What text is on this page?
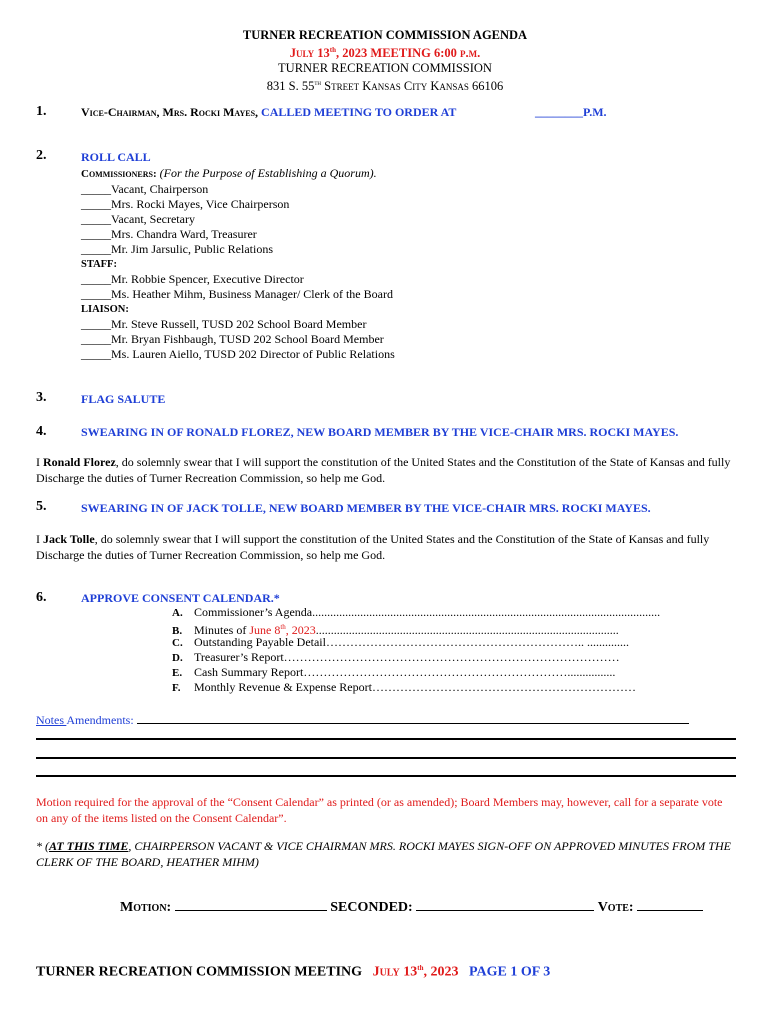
TURNER RECREATION COMMISSION AGENDA
July 13th, 2023 MEETING 6:00 p.m.
TURNER RECREATION COMMISSION
831 S. 55th Street Kansas City Kansas 66106
1.	Vice-Chairman, Mrs. Rocki Mayes, CALLED MEETING TO ORDER AT	________P.M.
2.	ROLL CALL
Commissioners: (For the Purpose of Establishing a Quorum).
_____Vacant, Chairperson
_____Mrs. Rocki Mayes, Vice Chairperson
_____Vacant, Secretary
_____Mrs. Chandra Ward, Treasurer
_____Mr. Jim Jarsulic, Public Relations
STAFF:
_____Mr. Robbie Spencer, Executive Director
_____Ms. Heather Mihm, Business Manager/ Clerk of the Board
LIAISON:
_____Mr. Steve Russell, TUSD 202 School Board Member
_____Mr. Bryan Fishbaugh, TUSD 202 School Board Member
_____Ms. Lauren Aiello, TUSD 202 Director of Public Relations
3.	FLAG SALUTE
4.	SWEARING IN OF RONALD FLOREZ, NEW BOARD MEMBER BY THE VICE-CHAIR MRS. ROCKI MAYES.
I Ronald Florez, do solemnly swear that I will support the constitution of the United States and the Constitution of the State of Kansas and fully Discharge the duties of Turner Recreation Commission, so help me God.
5.	SWEARING IN OF JACK TOLLE, NEW BOARD MEMBER BY THE VICE-CHAIR MRS. ROCKI MAYES.
I Jack Tolle, do solemnly swear that I will support the constitution of the United States and the Constitution of the State of Kansas and fully Discharge the duties of Turner Recreation Commission, so help me God.
6.	APPROVE CONSENT CALENDAR.*
A. Commissioner’s Agenda....................................................................................................................
B. Minutes of June 8th, 2023.....................................................................................................
C. Outstanding Payable Detail……………………………………………………….. ..............
D. Treasurer’s Report…………………………………………………………………………
E. Cash Summary Report…………………………………………………………................
F. Monthly Revenue & Expense Report…………………………………………………………
Notes Amendments:
Motion required for the approval of the “Consent Calendar” as printed (or as amended); Board Members may, however, call for a separate vote on any of the items listed on the Consent Calendar”.
* (AT THIS TIME, CHAIRPERSON VACANT & VICE CHAIRMAN MRS. ROCKI MAYES SIGN-OFF ON APPROVED MINUTES FROM THE CLERK OF THE BOARD, HEATHER MIHM)
Motion:	SECONDED:	Vote:
TURNER RECREATION COMMISSION MEETING July 13th, 2023 PAGE 1 OF 3
